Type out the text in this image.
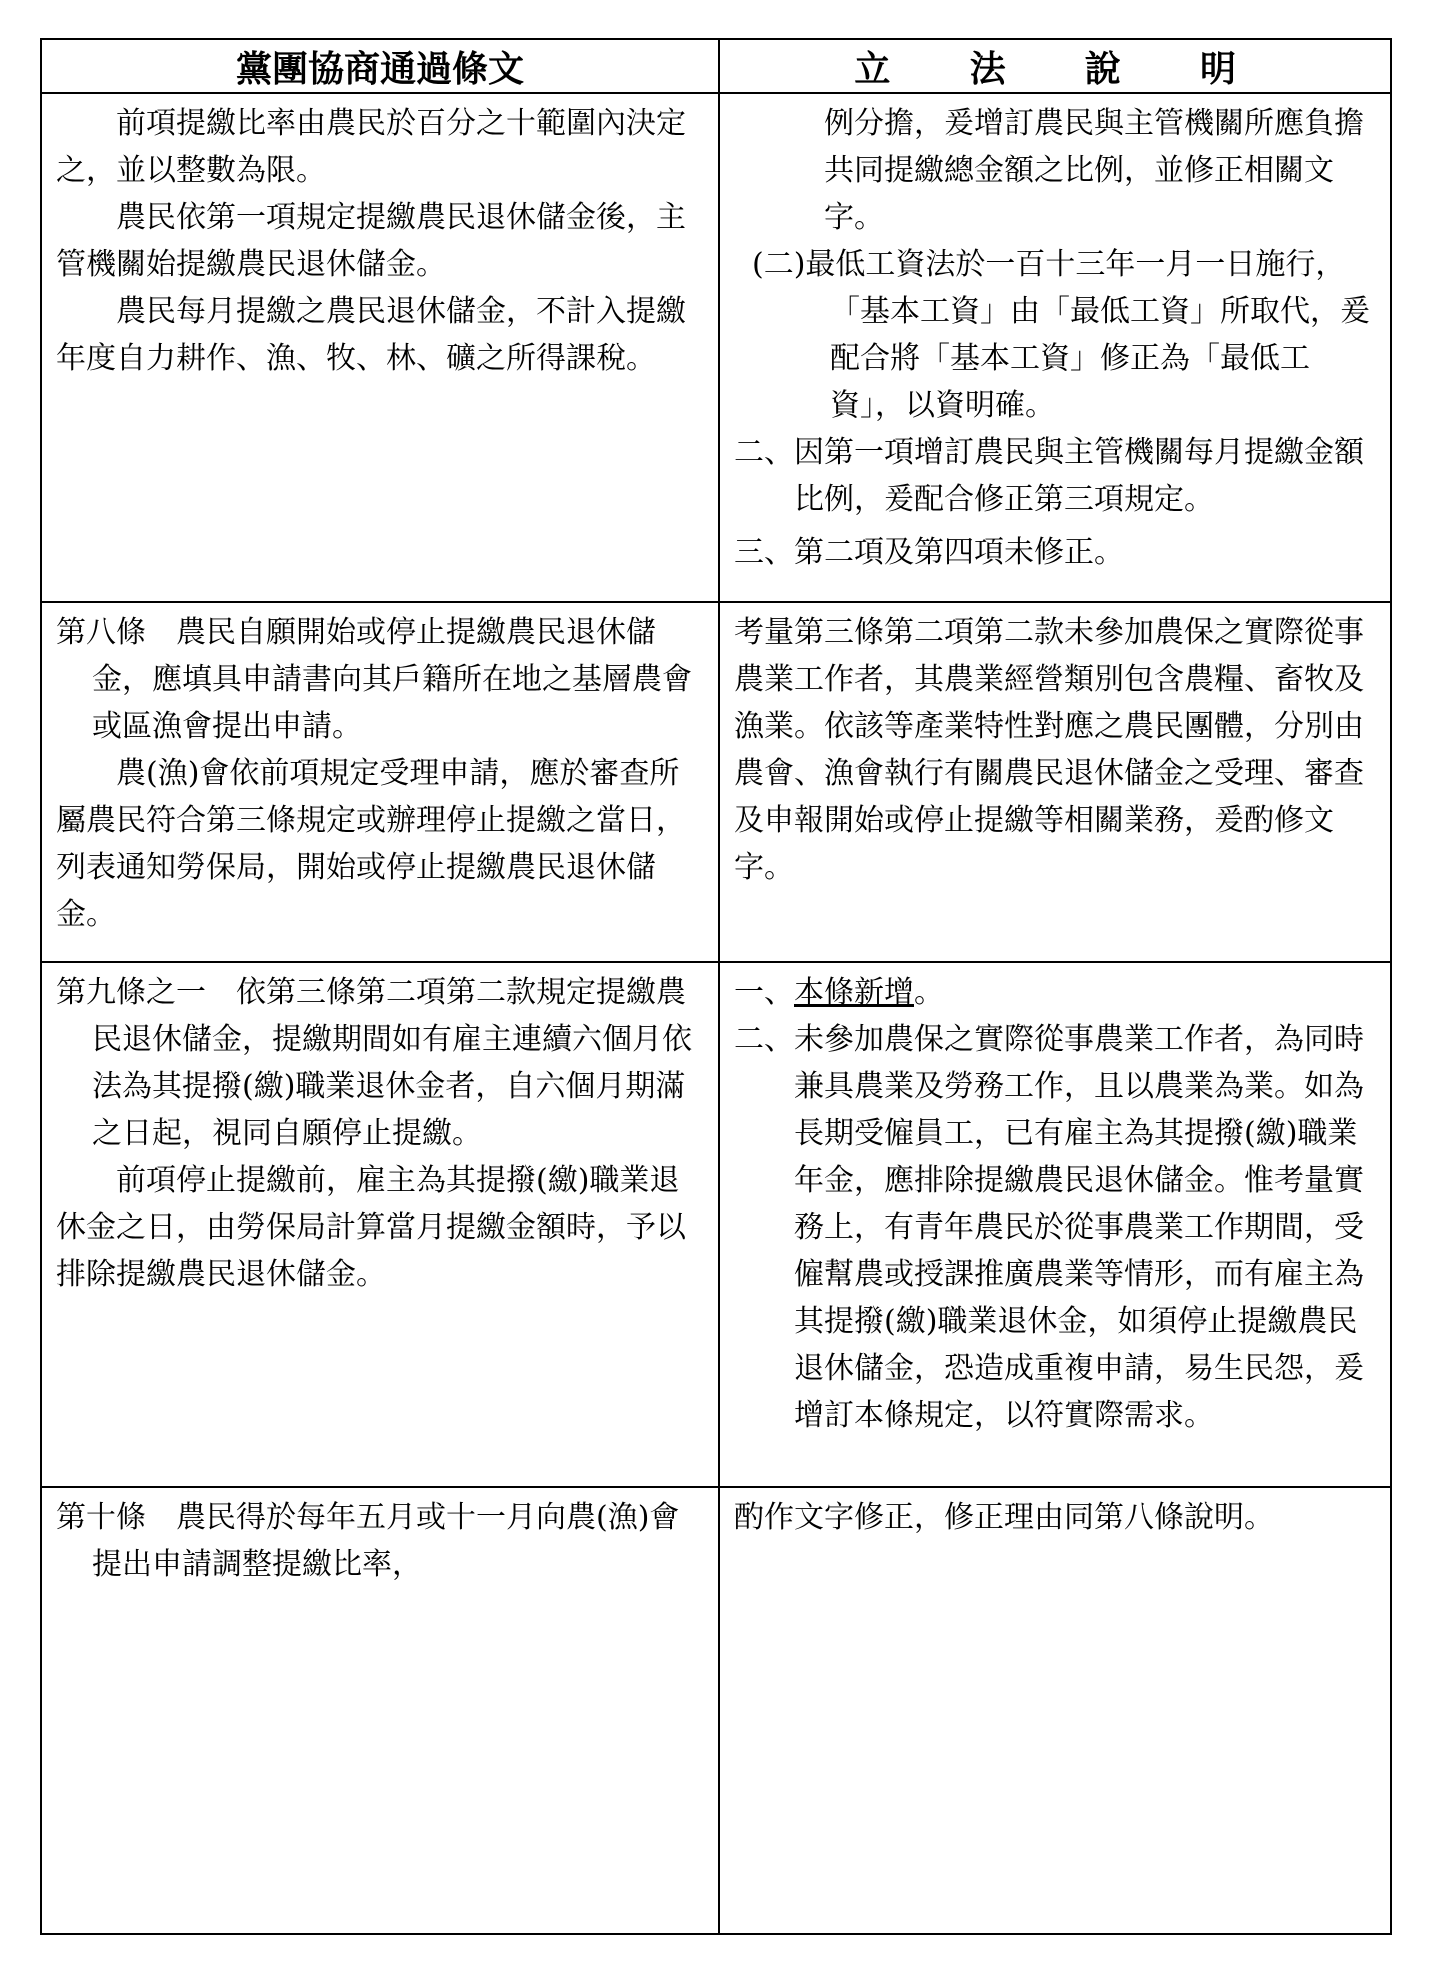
黨團協商通過條文	立　法　說　明

前項提繳比率由農民於百分之十範圍內決定之，並以整數為限。

農民依第一項規定提繳農民退休儲金後，主管機關始提繳農民退休儲金。

農民每月提繳之農民退休儲金，不計入提繳年度自力耕作、漁、牧、林、礦之所得課稅。

例分擔，爰增訂農民與主管機關所應負擔共同提繳總金額之比例，並修正相關文字。

(二)最低工資法於一百十三年一月一日施行，「基本工資」由「最低工資」所取代，爰配合將「基本工資」修正為「最低工資」，以資明確。

二、因第一項增訂農民與主管機關每月提繳金額比例，爰配合修正第三項規定。

三、第二項及第四項未修正。

第八條　農民自願開始或停止提繳農民退休儲金，應填具申請書向其戶籍所在地之基層農會或區漁會提出申請。

農(漁)會依前項規定受理申請，應於審查所屬農民符合第三條規定或辦理停止提繳之當日，列表通知勞保局，開始或停止提繳農民退休儲金。

考量第三條第二項第二款未參加農保之實際從事農業工作者，其農業經營類別包含農糧、畜牧及漁業。依該等產業特性對應之農民團體，分別由農會、漁會執行有關農民退休儲金之受理、審查及申報開始或停止提繳等相關業務，爰酌修文字。

第九條之一　依第三條第二項第二款規定提繳農民退休儲金，提繳期間如有雇主連續六個月依法為其提撥(繳)職業退休金者，自六個月期滿之日起，視同自願停止提繳。

前項停止提繳前，雇主為其提撥(繳)職業退休金之日，由勞保局計算當月提繳金額時，予以排除提繳農民退休儲金。

一、本條新增。

二、未參加農保之實際從事農業工作者，為同時兼具農業及勞務工作，且以農業為業。如為長期受僱員工，已有雇主為其提撥(繳)職業年金，應排除提繳農民退休儲金。惟考量實務上，有青年農民於從事農業工作期間，受僱幫農或授課推廣農業等情形，而有雇主為其提撥(繳)職業退休金，如須停止提繳農民退休儲金，恐造成重複申請，易生民怨，爰增訂本條規定，以符實際需求。

第十條　農民得於每年五月或十一月向農(漁)會提出申請調整提繳比率，

酌作文字修正，修正理由同第八條說明。
